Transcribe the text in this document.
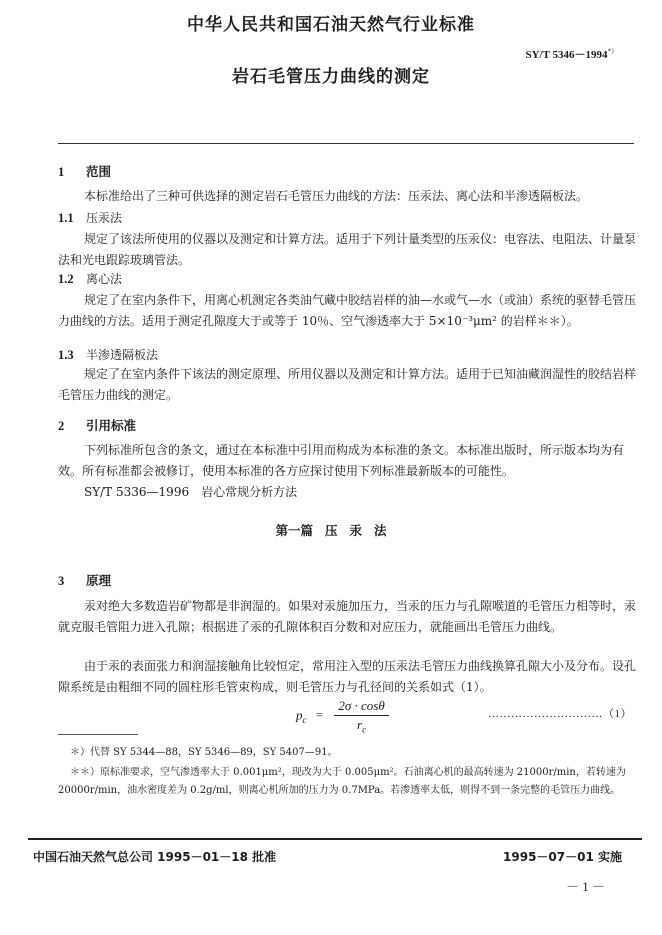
中华人民共和国石油天然气行业标准
SY/T 5346－1994*）
岩石毛管压力曲线的测定
1 范围
本标准给出了三种可供选择的测定岩石毛管压力曲线的方法：压汞法、离心法和半渗透隔板法。
1.1 压汞法
规定了该法所使用的仪器以及测定和计算方法。适用于下列计量类型的压汞仪：电容法、电阻法、计量泵法和光电跟踪玻璃管法。
1.2 离心法
规定了在室内条件下，用离心机测定各类油气藏中胶结岩样的油—水或气—水（或油）系统的驱替毛管压力曲线的方法。适用于测定孔隙度大于或等于 10％、空气渗透率大于 5×10⁻³μm² 的岩样＊＊）。
1.3 半渗透隔板法
规定了在室内条件下该法的测定原理、所用仪器以及测定和计算方法。适用于已知油藏润湿性的胶结岩样毛管压力曲线的测定。
2 引用标准
下列标准所包含的条文，通过在本标准中引用而构成为本标准的条文。本标准出版时，所示版本均为有效。所有标准都会被修订，使用本标准的各方应探讨使用下列标准最新版本的可能性。
SY/T 5336—1996　岩心常规分析方法
第一篇 压 汞 法
3 原理
汞对绝大多数造岩矿物都是非润湿的。如果对汞施加压力，当汞的压力与孔隙喉道的毛管压力相等时，汞就克服毛管阻力进入孔隙；根据进了汞的孔隙体积百分数和对应压力，就能画出毛管压力曲线。
由于汞的表面张力和润湿接触角比较恒定，常用注入型的压汞法毛管压力曲线换算孔隙大小及分布。设孔隙系统是由粗细不同的圆柱形毛管束构成，则毛管压力与孔径间的关系如式（1）。
$p_c = \frac{2\sigma \cdot \cos\theta}{r_c}$	…………………………（1）
＊）代替 SY 5344—88，SY 5346—89，SY 5407—91。
＊＊）原标准要求，空气渗透率大于 0.001μm²，现改为大于 0.005μm²。石油离心机的最高转速为 21000r/min，若转速为 20000r/min，油水密度差为 0.2g/ml，则离心机所加的压力为 0.7MPa。若渗透率太低，则得不到一条完整的毛管压力曲线。
中国石油天然气总公司 1995－01－18 批准	1995－07－01 实施
－ 1 －
